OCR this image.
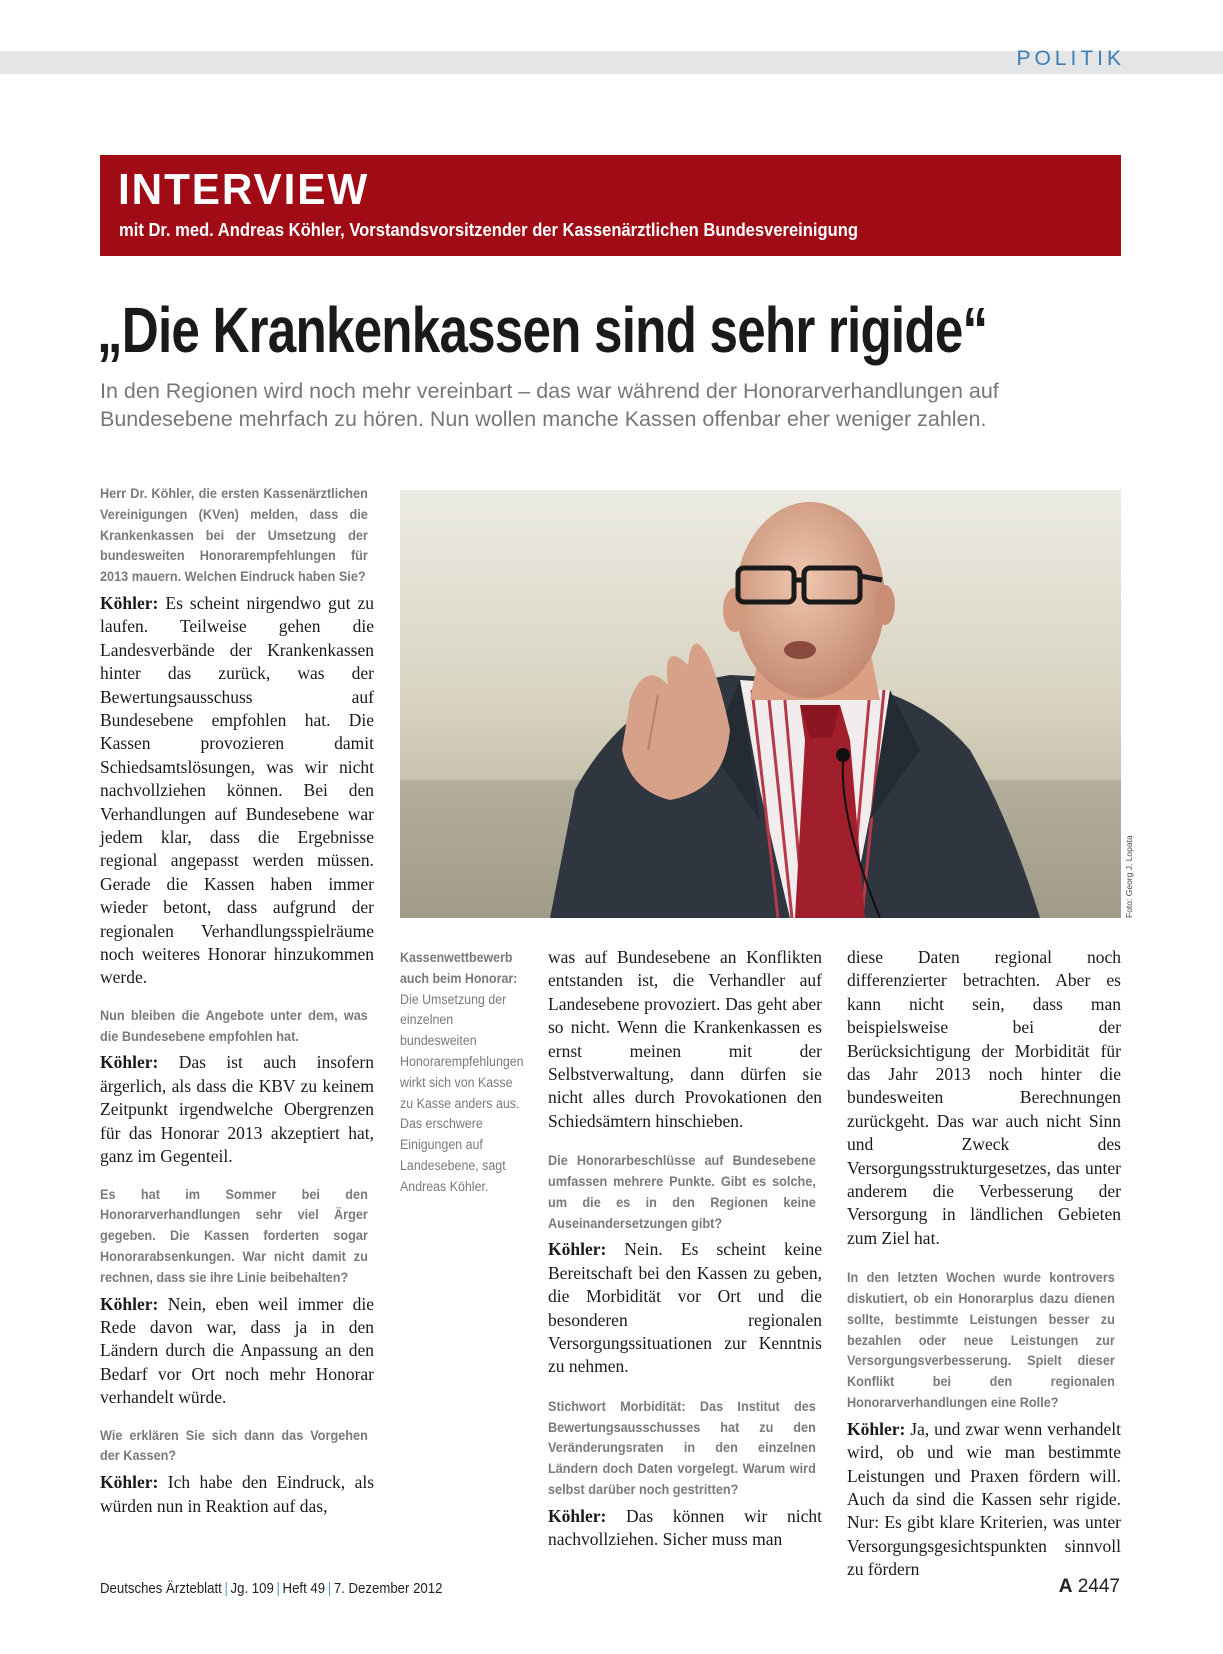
POLITIK
INTERVIEW
mit Dr. med. Andreas Köhler, Vorstandsvorsitzender der Kassenärztlichen Bundesvereinigung
„Die Krankenkassen sind sehr rigide“
In den Regionen wird noch mehr vereinbart – das war während der Honorarverhandlungen auf Bundesebene mehrfach zu hören. Nun wollen manche Kassen offenbar eher weniger zahlen.

Herr Dr. Köhler, die ersten Kassenärztlichen Vereinigungen (KVen) melden, dass die Krankenkassen bei der Umsetzung der bundesweiten Honorarempfehlungen für 2013 mauern. Welchen Eindruck haben Sie?

Köhler: Es scheint nirgendwo gut zu laufen. Teilweise gehen die Landesverbände der Krankenkassen hinter das zurück, was der Bewertungsausschuss auf Bundesebene empfohlen hat. Die Kassen provozieren damit Schiedsamtslösungen, was wir nicht nachvollziehen können. Bei den Verhandlungen auf Bundesebene war jedem klar, dass die Ergebnisse regional angepasst werden müssen. Gerade die Kassen haben immer wieder betont, dass aufgrund der regionalen Verhandlungsspielräume noch weiteres Honorar hinzukommen werde.

Nun bleiben die Angebote unter dem, was die Bundesebene empfohlen hat.

Köhler: Das ist auch insofern ärgerlich, als dass die KBV zu keinem Zeitpunkt irgendwelche Obergrenzen für das Honorar 2013 akzeptiert hat, ganz im Gegenteil.

Es hat im Sommer bei den Honorarverhandlungen sehr viel Ärger gegeben. Die Kassen forderten sogar Honorarabsenkungen. War nicht damit zu rechnen, dass sie ihre Linie beibehalten?

Köhler: Nein, eben weil immer die Rede davon war, dass ja in den Ländern durch die Anpassung an den Bedarf vor Ort noch mehr Honorar verhandelt würde.

Wie erklären Sie sich dann das Vorgehen der Kassen?

Köhler: Ich habe den Eindruck, als würden nun in Reaktion auf das,

Foto: Georg J. Lopata
Kassenwettbewerb auch beim Honorar:
Die Umsetzung der einzelnen bundesweiten Honorarempfehlungen wirkt sich von Kasse zu Kasse anders aus. Das erschwere Einigungen auf Landesebene, sagt Andreas Köhler.

was auf Bundesebene an Konflikten entstanden ist, die Verhandler auf Landesebene provoziert. Das geht aber so nicht. Wenn die Krankenkassen es ernst meinen mit der Selbstverwaltung, dann dürfen sie nicht alles durch Provokationen den Schiedsämtern hinschieben.

Die Honorarbeschlüsse auf Bundesebene umfassen mehrere Punkte. Gibt es solche, um die es in den Regionen keine Auseinandersetzungen gibt?

Köhler: Nein. Es scheint keine Bereitschaft bei den Kassen zu geben, die Morbidität vor Ort und die besonderen regionalen Versorgungssituationen zur Kenntnis zu nehmen.

Stichwort Morbidität: Das Institut des Bewertungsausschusses hat zu den Veränderungsraten in den einzelnen Ländern doch Daten vorgelegt. Warum wird selbst darüber noch gestritten?

Köhler: Das können wir nicht nachvollziehen. Sicher muss man

diese Daten regional noch differenzierter betrachten. Aber es kann nicht sein, dass man beispielsweise bei der Berücksichtigung der Morbidität für das Jahr 2013 noch hinter die bundesweiten Berechnungen zurückgeht. Das war auch nicht Sinn und Zweck des Versorgungsstrukturgesetzes, das unter anderem die Verbesserung der Versorgung in ländlichen Gebieten zum Ziel hat.

In den letzten Wochen wurde kontrovers diskutiert, ob ein Honorarplus dazu dienen sollte, bestimmte Leistungen besser zu bezahlen oder neue Leistungen zur Versorgungsverbesserung. Spielt dieser Konflikt bei den regionalen Honorarverhandlungen eine Rolle?

Köhler: Ja, und zwar wenn verhandelt wird, ob und wie man bestimmte Leistungen und Praxen fördern will. Auch da sind die Kassen sehr rigide. Nur: Es gibt klare Kriterien, was unter Versorgungsgesichtspunkten sinnvoll zu fördern

Deutsches Ärzteblatt | Jg. 109 | Heft 49 | 7. Dezember 2012	A 2447
